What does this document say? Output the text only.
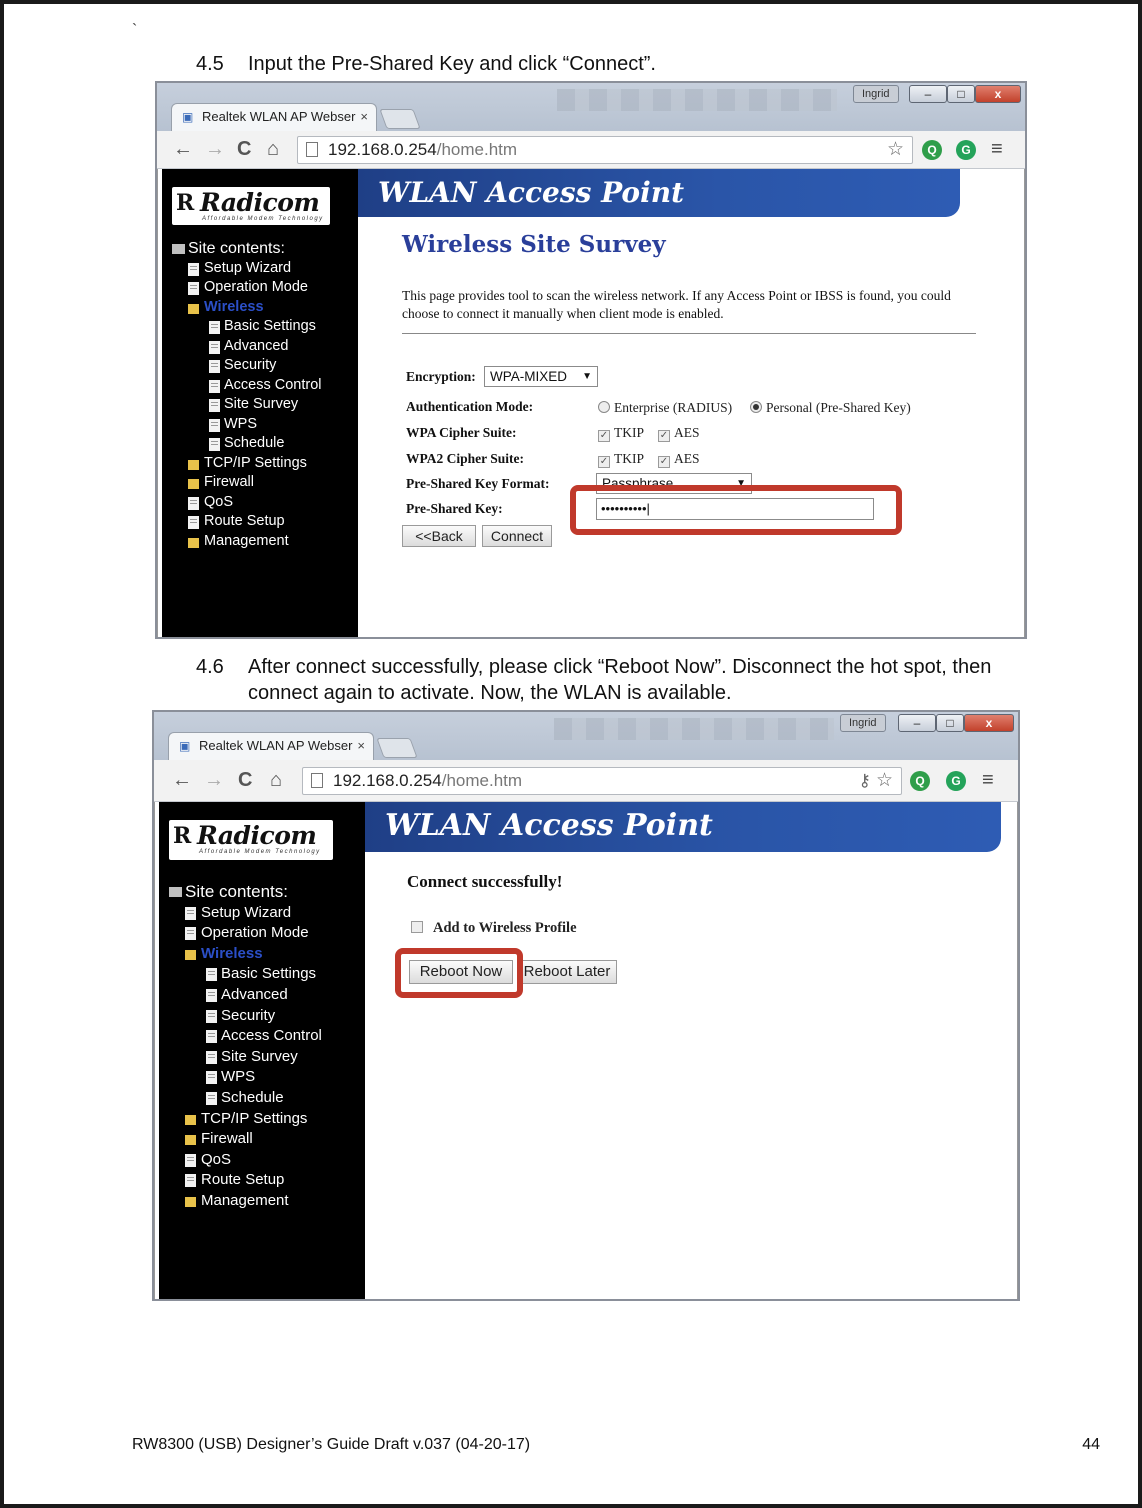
`
4.5	Input the Pre-Shared Key and click “Connect”.
▣ Realtek WLAN AP Webser ×
Ingrid	–	□	x
← → C ⌂	192.168.0.254/home.htm	☆	Q	G ≡
R Radicom
Affordable Modem Technology
Site contents:
Setup Wizard
Operation Mode
Wireless
Basic Settings
Advanced
Security
Access Control
Site Survey
WPS
Schedule
TCP/IP Settings
Firewall
QoS
Route Setup
Management
WLAN Access Point
Wireless Site Survey
This page provides tool to scan the wireless network. If any Access Point or IBSS is found, you could choose to connect it manually when client mode is enabled.
Encryption:	WPA-MIXED ▼
Authentication Mode:	Enterprise (RADIUS)	Personal (Pre-Shared Key)
WPA Cipher Suite:	✓ TKIP ✓ AES
WPA2 Cipher Suite:	✓ TKIP ✓ AES
Pre-Shared Key Format:	Passphrase	▼
Pre-Shared Key:	••••••••••|
<<Back	Connect
4.6	After connect successfully, please click “Reboot Now”. Disconnect the hot spot, then connect again to activate. Now, the WLAN is available.
▣ Realtek WLAN AP Webser ×
Ingrid	–	□	x
← → C ⌂	192.168.0.254/home.htm	⚷ ☆	Q	G ≡
R Radicom
Affordable Modem Technology
Site contents:
Setup Wizard
Operation Mode
Wireless
Basic Settings
Advanced
Security
Access Control
Site Survey
WPS
Schedule
TCP/IP Settings
Firewall
QoS
Route Setup
Management
WLAN Access Point
Connect successfully!
Add to Wireless Profile
Reboot Now	Reboot Later
RW8300 (USB) Designer’s Guide Draft v.037 (04-20-17)	44
